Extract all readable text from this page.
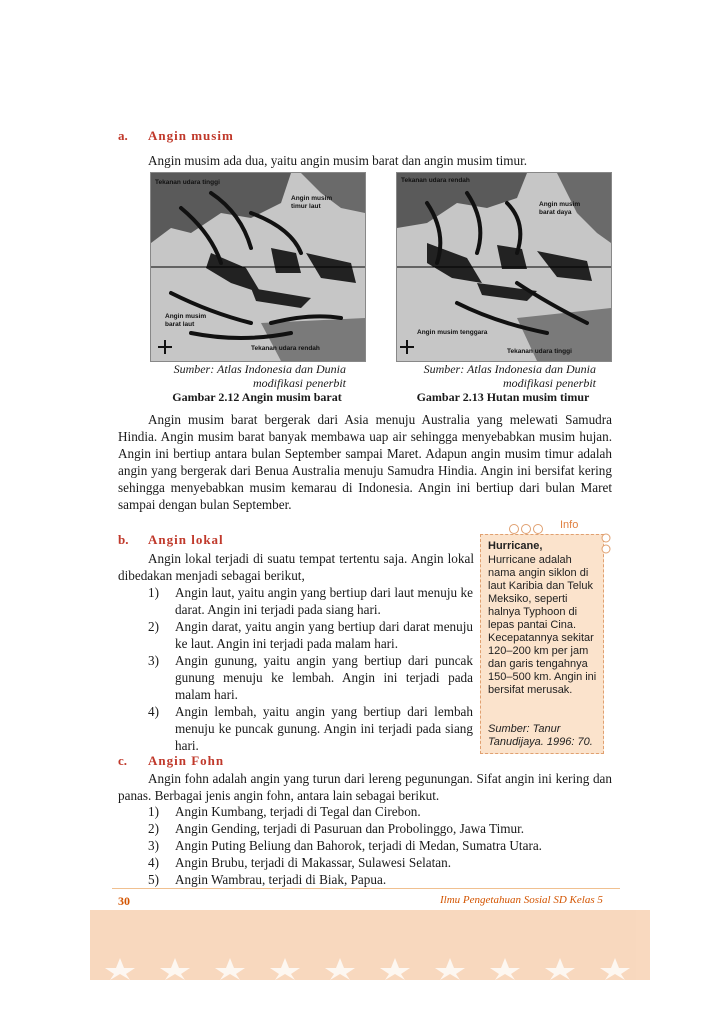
a. Angin musim
Angin musim ada dua, yaitu angin musim barat dan angin musim timur.
Tekanan udara tinggi
Angin musim timur laut
Angin musim barat laut
Tekanan udara rendah
Tekanan udara rendah
Angin musim barat daya
Angin musim tenggara
Tekanan udara tinggi
Sumber: Atlas Indonesia dan Dunia modifikasi penerbit
Gambar 2.12 Angin musim barat
Sumber: Atlas Indonesia dan Dunia modifikasi penerbit
Gambar 2.13 Hutan musim timur
Angin musim barat bergerak dari Asia menuju Australia yang melewati Samudra Hindia. Angin musim barat banyak membawa uap air sehingga menyebabkan musim hujan. Angin ini bertiup antara bulan September sampai Maret. Adapun angin musim timur adalah angin yang bergerak dari Benua Australia menuju Samudra Hindia. Angin ini bersifat kering sehingga menyebabkan musim kemarau di Indonesia. Angin ini bertiup dari bulan Maret sampai dengan bulan September.
b. Angin lokal
Angin lokal terjadi di suatu tempat tertentu saja. Angin lokal dibedakan menjadi sebagai berikut,
1) Angin laut, yaitu angin yang bertiup dari laut menuju ke darat. Angin ini terjadi pada siang hari.
2) Angin darat, yaitu angin yang bertiup dari darat menuju ke laut. Angin ini terjadi pada malam hari.
3) Angin gunung, yaitu angin yang bertiup dari puncak gunung menuju ke lembah. Angin ini terjadi pada malam hari.
4) Angin lembah, yaitu angin yang bertiup dari lembah menuju ke puncak gunung. Angin ini terjadi pada siang hari.
Info
Hurricane,
Hurricane adalah nama angin siklon di laut Karibia dan Teluk Meksiko, seperti halnya Typhoon di lepas pantai Cina. Kecepatannya sekitar 120–200 km per jam dan garis tengahnya 150–500 km. Angin ini bersifat merusak.
Sumber: Tanur Tanudijaya. 1996: 70.
c. Angin Fohn
Angin fohn adalah angin yang turun dari lereng pegunungan. Sifat angin ini kering dan panas. Berbagai jenis angin fohn, antara lain sebagai berikut.
1) Angin Kumbang, terjadi di Tegal dan Cirebon.
2) Angin Gending, terjadi di Pasuruan dan Probolinggo, Jawa Timur.
3) Angin Puting Beliung dan Bahorok, terjadi di Medan, Sumatra Utara.
4) Angin Brubu, terjadi di Makassar, Sulawesi Selatan.
5) Angin Wambrau, terjadi di Biak, Papua.
30	Ilmu Pengetahuan Sosial SD Kelas 5
